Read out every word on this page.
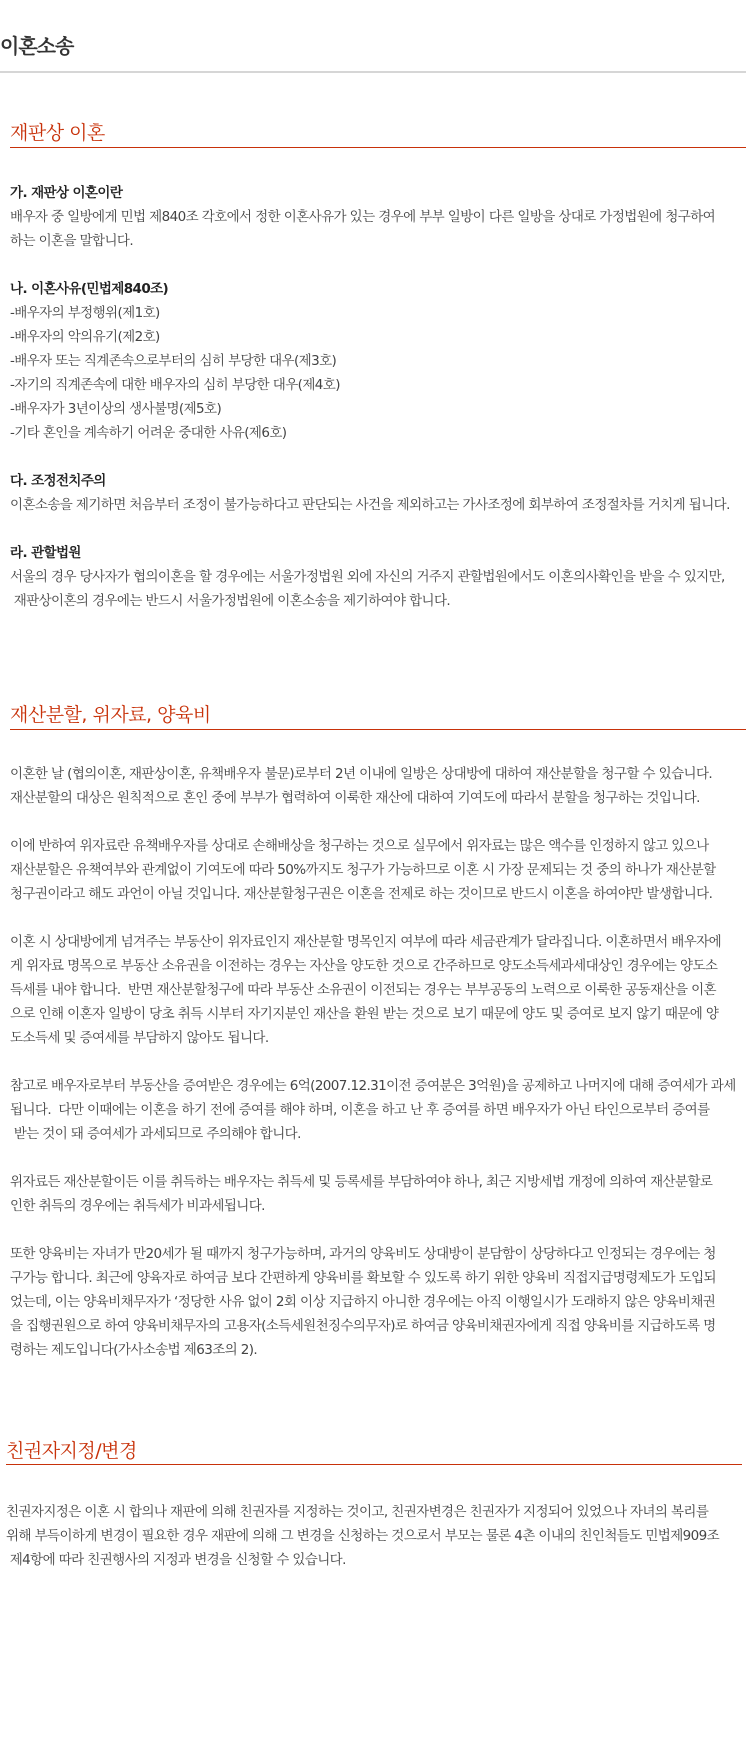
이혼소송
재판상 이혼
가. 재판상 이혼이란
배우자 중 일방에게 민법 제840조 각호에서 정한 이혼사유가 있는 경우에 부부 일방이 다른 일방을 상대로 가정법원에 청구하여
하는 이혼을 말합니다.
나. 이혼사유(민법제840조)
-배우자의 부정행위(제1호)
-배우자의 악의유기(제2호)
-배우자 또는 직계존속으로부터의 심히 부당한 대우(제3호)
-자기의 직계존속에 대한 배우자의 심히 부당한 대우(제4호)
-배우자가 3년이상의 생사불명(제5호)
-기타 혼인을 계속하기 어려운 중대한 사유(제6호)
다. 조정전치주의
이혼소송을 제기하면 처음부터 조정이 불가능하다고 판단되는 사건을 제외하고는 가사조정에 회부하여 조정절차를 거치게 됩니다.
라. 관할법원
서울의 경우 당사자가 협의이혼을 할 경우에는 서울가정법원 외에 자신의 거주지 관할법원에서도 이혼의사확인을 받을 수 있지만,
재판상이혼의 경우에는 반드시 서울가정법원에 이혼소송을 제기하여야 합니다.
재산분할, 위자료, 양육비
이혼한 날 (협의이혼, 재판상이혼, 유책배우자 불문)로부터 2년 이내에 일방은 상대방에 대하여 재산분할을 청구할 수 있습니다.
재산분할의 대상은 원칙적으로 혼인 중에 부부가 협력하여 이룩한 재산에 대하여 기여도에 따라서 분할을 청구하는 것입니다.
이에 반하여 위자료란 유책배우자를 상대로 손해배상을 청구하는 것으로 실무에서 위자료는 많은 액수를 인정하지 않고 있으나
재산분할은 유책여부와 관계없이 기여도에 따라 50%까지도 청구가 가능하므로 이혼 시 가장 문제되는 것 중의 하나가 재산분할
청구권이라고 해도 과언이 아닐 것입니다. 재산분할청구권은 이혼을 전제로 하는 것이므로 반드시 이혼을 하여야만 발생합니다.
이혼 시 상대방에게 넘겨주는 부동산이 위자료인지 재산분할 명목인지 여부에 따라 세금관계가 달라집니다. 이혼하면서 배우자에
게 위자료 명목으로 부동산 소유권을 이전하는 경우는 자산을 양도한 것으로 간주하므로 양도소득세과세대상인 경우에는 양도소
득세를 내야 합니다.  반면 재산분할청구에 따라 부동산 소유권이 이전되는 경우는 부부공동의 노력으로 이룩한 공동재산을 이혼
으로 인해 이혼자 일방이 당초 취득 시부터 자기지분인 재산을 환원 받는 것으로 보기 때문에 양도 및 증여로 보지 않기 때문에 양
도소득세 및 증여세를 부담하지 않아도 됩니다.
참고로 배우자로부터 부동산을 증여받은 경우에는 6억(2007.12.31이전 증여분은 3억원)을 공제하고 나머지에 대해 증여세가 과세
됩니다.  다만 이때에는 이혼을 하기 전에 증여를 해야 하며, 이혼을 하고 난 후 증여를 하면 배우자가 아닌 타인으로부터 증여를
받는 것이 돼 증여세가 과세되므로 주의해야 합니다.
위자료든 재산분할이든 이를 취득하는 배우자는 취득세 및 등록세를 부담하여야 하나, 최근 지방세법 개정에 의하여 재산분할로
인한 취득의 경우에는 취득세가 비과세됩니다.
또한 양육비는 자녀가 만20세가 될 때까지 청구가능하며, 과거의 양육비도 상대방이 분담함이 상당하다고 인정되는 경우에는 청
구가능 합니다. 최근에 양육자로 하여금 보다 간편하게 양육비를 확보할 수 있도록 하기 위한 양육비 직접지급명령제도가 도입되
었는데, 이는 양육비채무자가 ‘정당한 사유 없이 2회 이상 지급하지 아니한 경우에는 아직 이행일시가 도래하지 않은 양육비채권
을 집행권원으로 하여 양육비채무자의 고용자(소득세원천징수의무자)로 하여금 양육비채권자에게 직접 양육비를 지급하도록 명
령하는 제도입니다(가사소송법 제63조의 2).
친권자지정/변경
친권자지정은 이혼 시 합의나 재판에 의해 친권자를 지정하는 것이고, 친권자변경은 친권자가 지정되어 있었으나 자녀의 복리를
위해 부득이하게 변경이 필요한 경우 재판에 의해 그 변경을 신청하는 것으로서 부모는 물론 4촌 이내의 친인척들도 민법제909조
제4항에 따라 친권행사의 지정과 변경을 신청할 수 있습니다.
